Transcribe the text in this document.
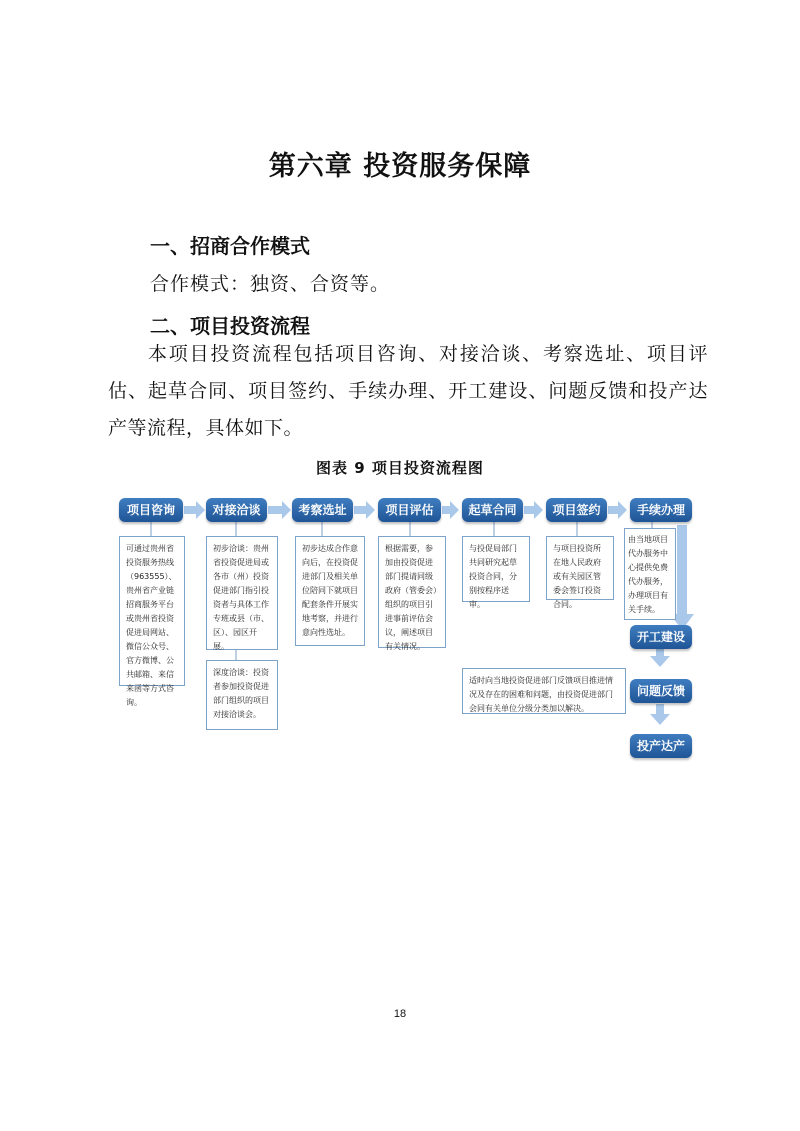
第六章 投资服务保障
一、招商合作模式
合作模式：独资、合资等。
二、项目投资流程
本项目投资流程包括项目咨询、对接洽谈、考察选址、项目评估、起草合同、项目签约、手续办理、开工建设、问题反馈和投产达产等流程，具体如下。
图表 9 项目投资流程图
项目咨询	对接洽谈	考察选址	项目评估	起草合同	项目签约	手续办理
开工建设
问题反馈
投产达产
可通过贵州省投资服务热线（963555）、贵州省产业链招商服务平台或贵州省投资促进局网站、微信公众号、官方微博、公共邮箱、来信来函等方式咨询。
初步洽谈：贵州省投资促进局或各市（州）投资促进部门指引投资者与具体工作专班或县（市、区）、园区开展。
深度洽谈：投资者参加投资促进部门组织的项目对接洽谈会。
初步达成合作意向后，在投资促进部门及相关单位陪同下就项目配套条件开展实地考察，并进行意向性选址。
根据需要，参加由投资促进部门提请同级政府（管委会）组织的项目引进事前评估会议，阐述项目有关情况。
与投促局部门共同研究起草投资合同，分别按程序送审。
与项目投资所在地人民政府或有关园区管委会签订投资合同。
由当地项目代办服务中心提供免费代办服务，办理项目有关手续。
适时向当地投资促进部门反馈项目推进情况及存在的困难和问题，由投资促进部门会同有关单位分级分类加以解决。
18
